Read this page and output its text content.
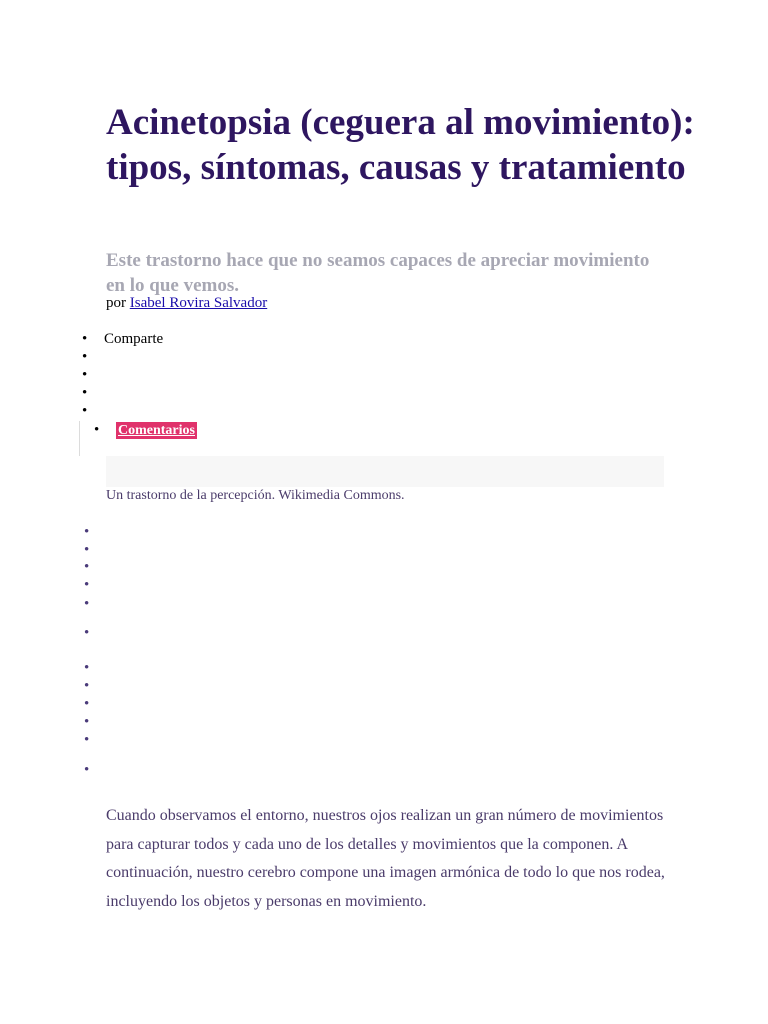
Acinetopsia (ceguera al movimiento): tipos, síntomas, causas y tratamiento

Este trastorno hace que no seamos capaces de apreciar movimiento en lo que vemos.

por Isabel Rovira Salvador

• Comparte
•
•
•
•
• Comentarios

Un trastorno de la percepción. Wikimedia Commons.

•
•
•
•
•
•
•
•
•
•
•
•

Cuando observamos el entorno, nuestros ojos realizan un gran número de movimientos para capturar todos y cada uno de los detalles y movimientos que la componen. A continuación, nuestro cerebro compone una imagen armónica de todo lo que nos rodea, incluyendo los objetos y personas en movimiento.
